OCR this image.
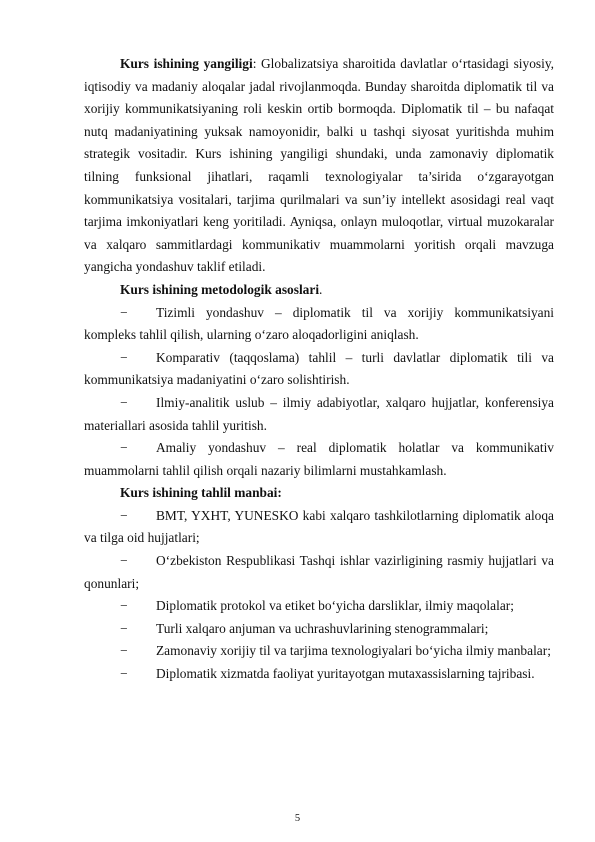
Kurs ishining yangiligi: Globalizatsiya sharoitida davlatlar o‘rtasidagi siyosiy, iqtisodiy va madaniy aloqalar jadal rivojlanmoqda. Bunday sharoitda diplomatik til va xorijiy kommunikatsiyaning roli keskin ortib bormoqda. Diplomatik til – bu nafaqat nutq madaniyatining yuksak namoyonidir, balki u tashqi siyosat yuritishda muhim strategik vositadir. Kurs ishining yangiligi shundaki, unda zamonaviy diplomatik tilning funksional jihatlari, raqamli texnologiyalar ta’sirida o‘zgarayotgan kommunikatsiya vositalari, tarjima qurilmalari va sun’iy intellekt asosidagi real vaqt tarjima imkoniyatlari keng yoritiladi. Ayniqsa, onlayn muloqotlar, virtual muzokaralar va xalqaro sammitlardagi kommunikativ muammolarni yoritish orqali mavzuga yangicha yondashuv taklif etiladi.

Kurs ishining metodologik asoslari.

− Tizimli yondashuv – diplomatik til va xorijiy kommunikatsiyani kompleks tahlil qilish, ularning o‘zaro aloqadorligini aniqlash.

− Komparativ (taqqoslama) tahlil – turli davlatlar diplomatik tili va kommunikatsiya madaniyatini o‘zaro solishtirish.

− Ilmiy-analitik uslub – ilmiy adabiyotlar, xalqaro hujjatlar, konferensiya materiallari asosida tahlil yuritish.

− Amaliy yondashuv – real diplomatik holatlar va kommunikativ muammolarni tahlil qilish orqali nazariy bilimlarni mustahkamlash.

Kurs ishining tahlil manbai:

− BMT, YXHT, YUNESKO kabi xalqaro tashkilotlarning diplomatik aloqa va tilga oid hujjatlari;

− O‘zbekiston Respublikasi Tashqi ishlar vazirligining rasmiy hujjatlari va qonunlari;

− Diplomatik protokol va etiket bo‘yicha darsliklar, ilmiy maqolalar;

− Turli xalqaro anjuman va uchrashuvlarining stenogrammalari;

− Zamonaviy xorijiy til va tarjima texnologiyalari bo‘yicha ilmiy manbalar;

− Diplomatik xizmatda faoliyat yuritayotgan mutaxassislarning tajribasi.

5
